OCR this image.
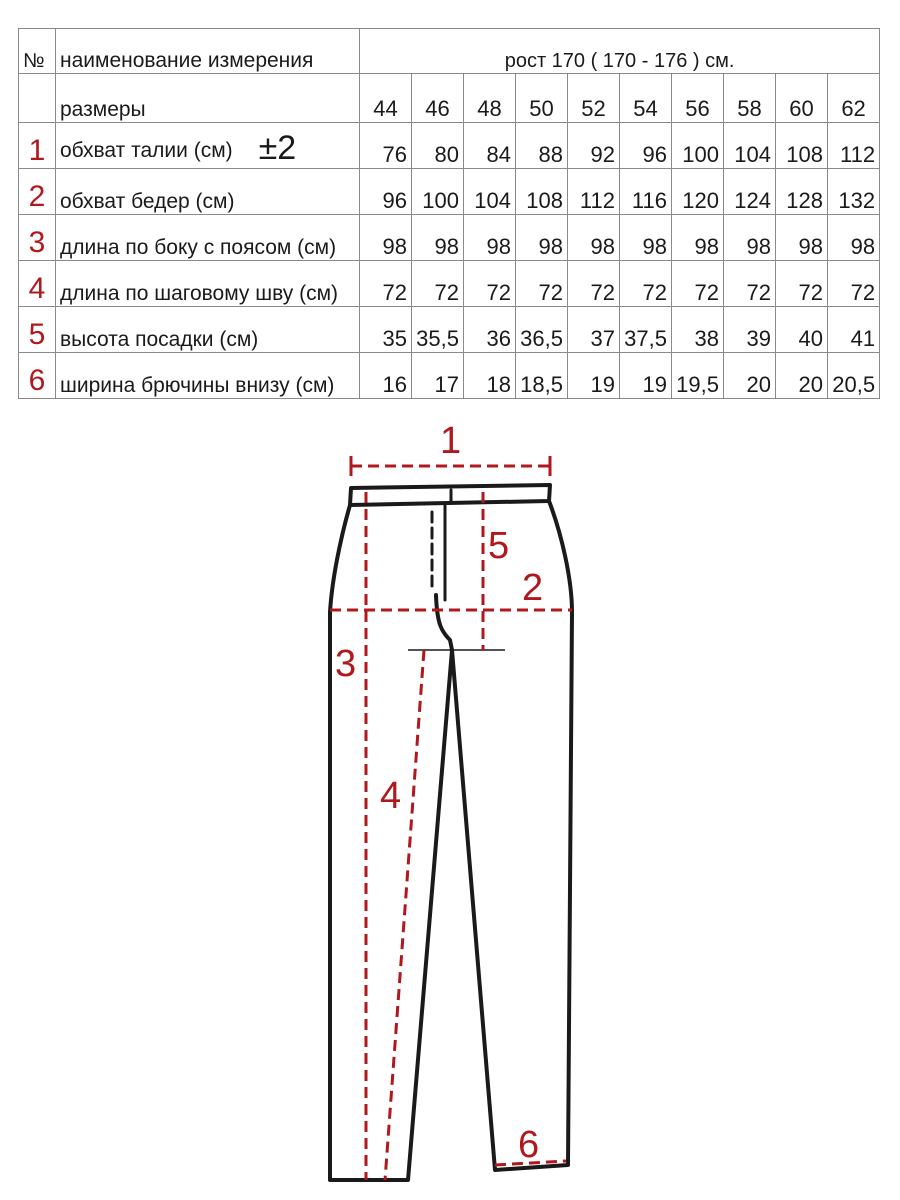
№	наименование измерения	рост 170 ( 170 - 176 ) см.									
	размеры	44	46	48	50	52	54	56	58	60	62
1	обхват талии (см) ±2	76	80	84	88	92	96	100	104	108	112
2	обхват бедер (см)	96	100	104	108	112	116	120	124	128	132
3	длина по боку с поясом (см)	98	98	98	98	98	98	98	98	98	98
4	длина по шаговому шву (см)	72	72	72	72	72	72	72	72	72	72
5	высота посадки (см)	35	35,5	36	36,5	37	37,5	38	39	40	41
6	ширина брючины внизу (см)	16	17	18	18,5	19	19	19,5	20	20	20,5
1
2
3
4
5
6
